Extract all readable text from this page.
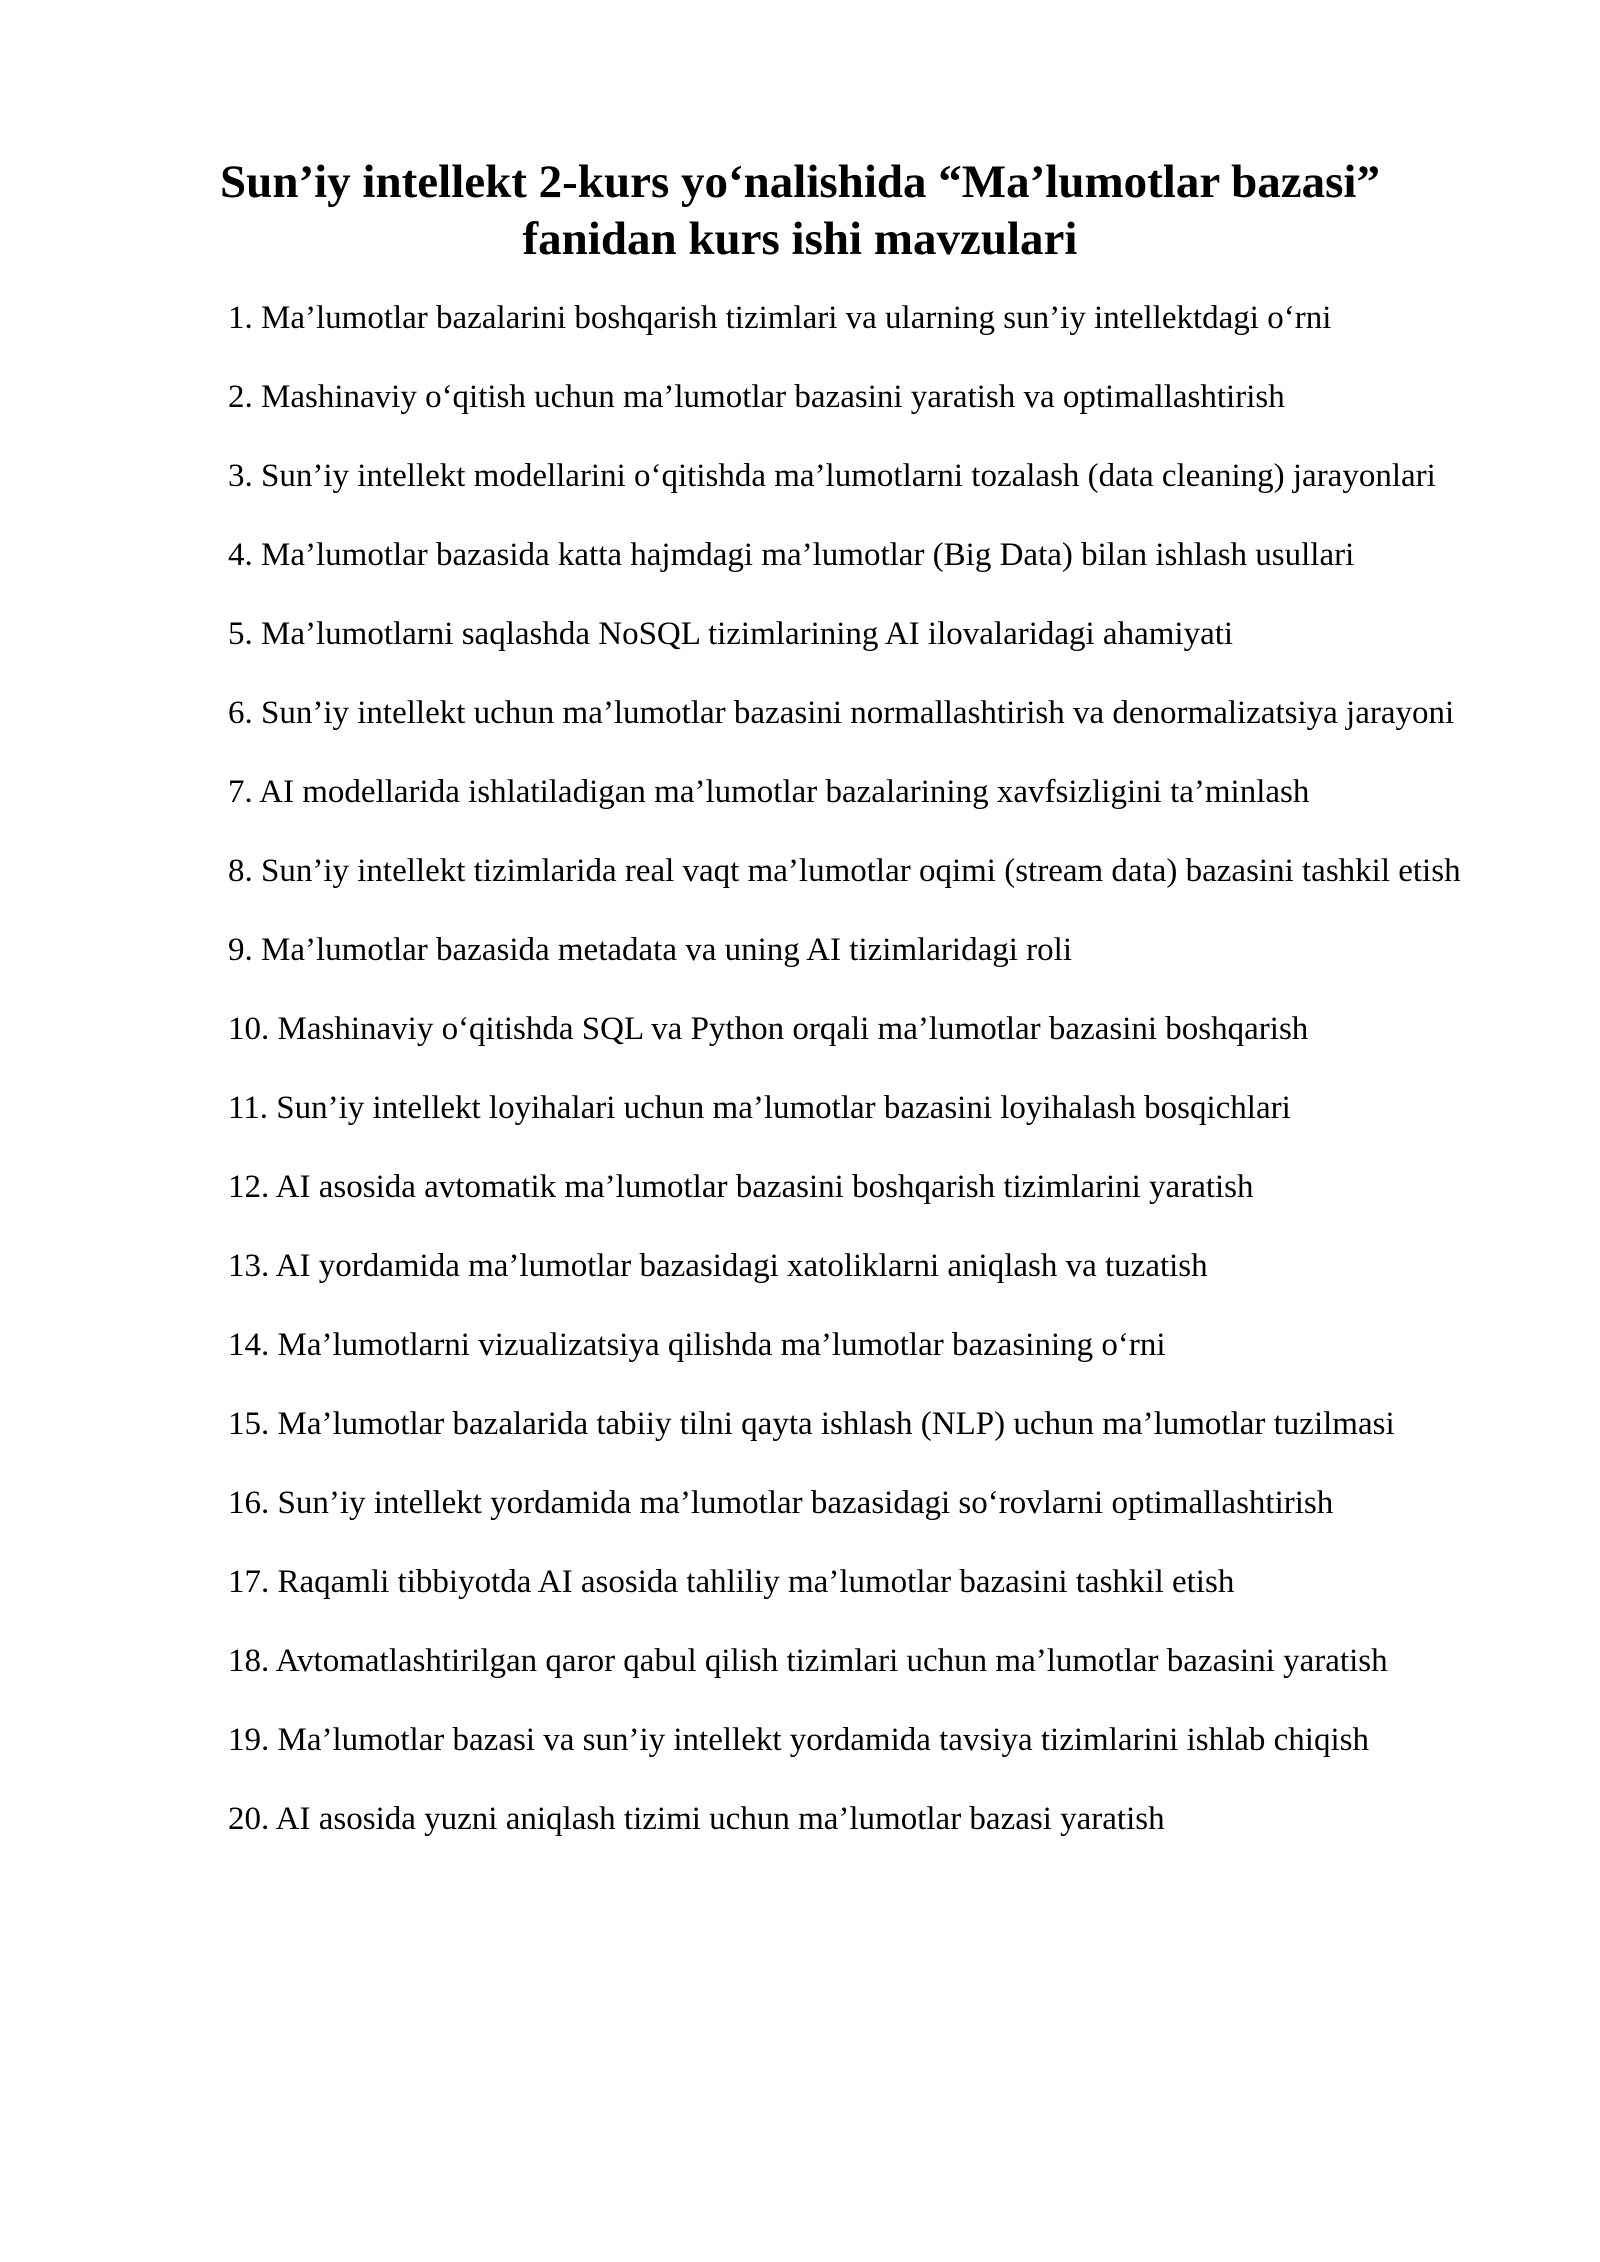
Sun’iy intellekt 2-kurs yo‘nalishida “Ma’lumotlar bazasi”
fanidan kurs ishi mavzulari
1. Ma’lumotlar bazalarini boshqarish tizimlari va ularning sun’iy intellektdagi o‘rni
2. Mashinaviy o‘qitish uchun ma’lumotlar bazasini yaratish va optimallashtirish
3. Sun’iy intellekt modellarini o‘qitishda ma’lumotlarni tozalash (data cleaning) jarayonlari
4. Ma’lumotlar bazasida katta hajmdagi ma’lumotlar (Big Data) bilan ishlash usullari
5. Ma’lumotlarni saqlashda NoSQL tizimlarining AI ilovalaridagi ahamiyati
6. Sun’iy intellekt uchun ma’lumotlar bazasini normallashtirish va denormalizatsiya jarayoni
7. AI modellarida ishlatiladigan ma’lumotlar bazalarining xavfsizligini ta’minlash
8. Sun’iy intellekt tizimlarida real vaqt ma’lumotlar oqimi (stream data) bazasini tashkil etish
9. Ma’lumotlar bazasida metadata va uning AI tizimlaridagi roli
10. Mashinaviy o‘qitishda SQL va Python orqali ma’lumotlar bazasini boshqarish
11. Sun’iy intellekt loyihalari uchun ma’lumotlar bazasini loyihalash bosqichlari
12. AI asosida avtomatik ma’lumotlar bazasini boshqarish tizimlarini yaratish
13. AI yordamida ma’lumotlar bazasidagi xatoliklarni aniqlash va tuzatish
14. Ma’lumotlarni vizualizatsiya qilishda ma’lumotlar bazasining o‘rni
15. Ma’lumotlar bazalarida tabiiy tilni qayta ishlash (NLP) uchun ma’lumotlar tuzilmasi
16. Sun’iy intellekt yordamida ma’lumotlar bazasidagi so‘rovlarni optimallashtirish
17. Raqamli tibbiyotda AI asosida tahliliy ma’lumotlar bazasini tashkil etish
18. Avtomatlashtirilgan qaror qabul qilish tizimlari uchun ma’lumotlar bazasini yaratish
19. Ma’lumotlar bazasi va sun’iy intellekt yordamida tavsiya tizimlarini ishlab chiqish
20. AI asosida yuzni aniqlash tizimi uchun ma’lumotlar bazasi yaratish
